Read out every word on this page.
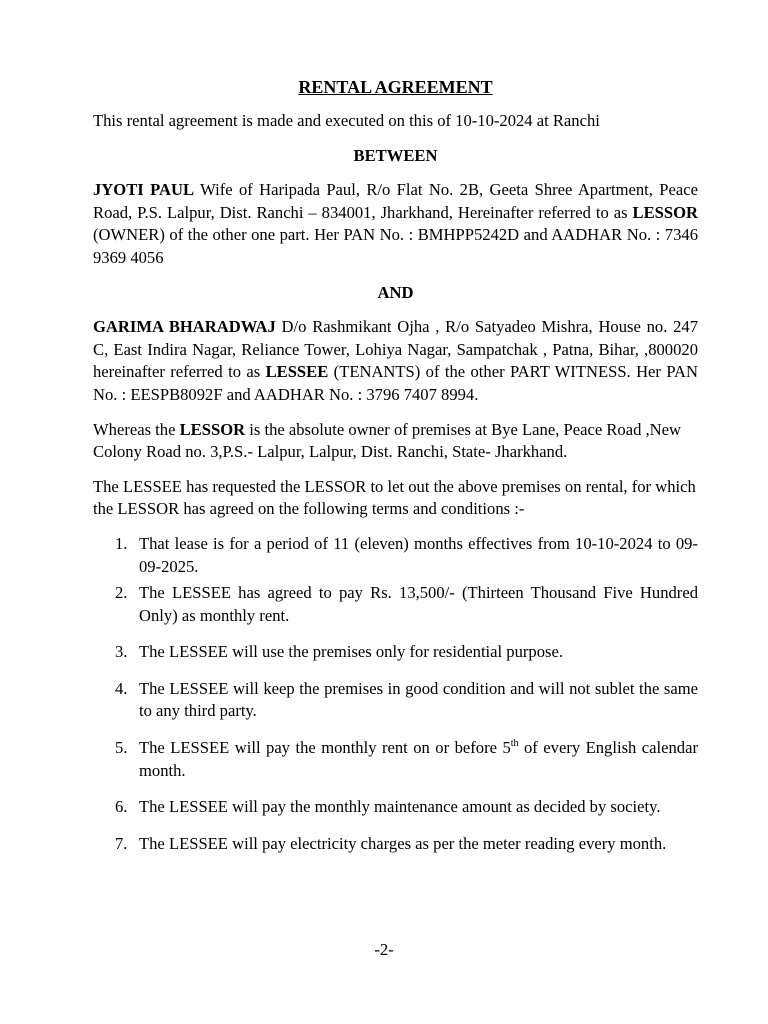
RENTAL AGREEMENT

This rental agreement is made and executed on this of 10-10-2024 at Ranchi

BETWEEN

JYOTI PAUL Wife of Haripada Paul, R/o Flat No. 2B, Geeta Shree Apartment, Peace Road, P.S. Lalpur, Dist. Ranchi – 834001, Jharkhand, Hereinafter referred to as LESSOR (OWNER) of the other one part. Her PAN No. : BMHPP5242D and AADHAR No. : 7346 9369 4056

AND

GARIMA BHARADWAJ D/o Rashmikant Ojha , R/o Satyadeo Mishra, House no. 247 C, East Indira Nagar, Reliance Tower, Lohiya Nagar, Sampatchak , Patna, Bihar, ,800020 hereinafter referred to as LESSEE (TENANTS) of the other PART WITNESS. Her PAN No. : EESPB8092F and AADHAR No. : 3796 7407 8994.

Whereas the LESSOR is the absolute owner of premises at Bye Lane, Peace Road ,New Colony Road no. 3,P.S.- Lalpur, Lalpur, Dist. Ranchi, State- Jharkhand.

The LESSEE has requested the LESSOR to let out the above premises on rental, for which the LESSOR has agreed on the following terms and conditions :-

1. That lease is for a period of 11 (eleven) months effectives from 10-10-2024 to 09-09-2025.
2. The LESSEE has agreed to pay Rs. 13,500/- (Thirteen Thousand Five Hundred Only) as monthly rent.
3. The LESSEE will use the premises only for residential purpose.
4. The LESSEE will keep the premises in good condition and will not sublet the same to any third party.
5. The LESSEE will pay the monthly rent on or before 5th of every English calendar month.
6. The LESSEE will pay the monthly maintenance amount as decided by society.
7. The LESSEE will pay electricity charges as per the meter reading every month.
-2-
